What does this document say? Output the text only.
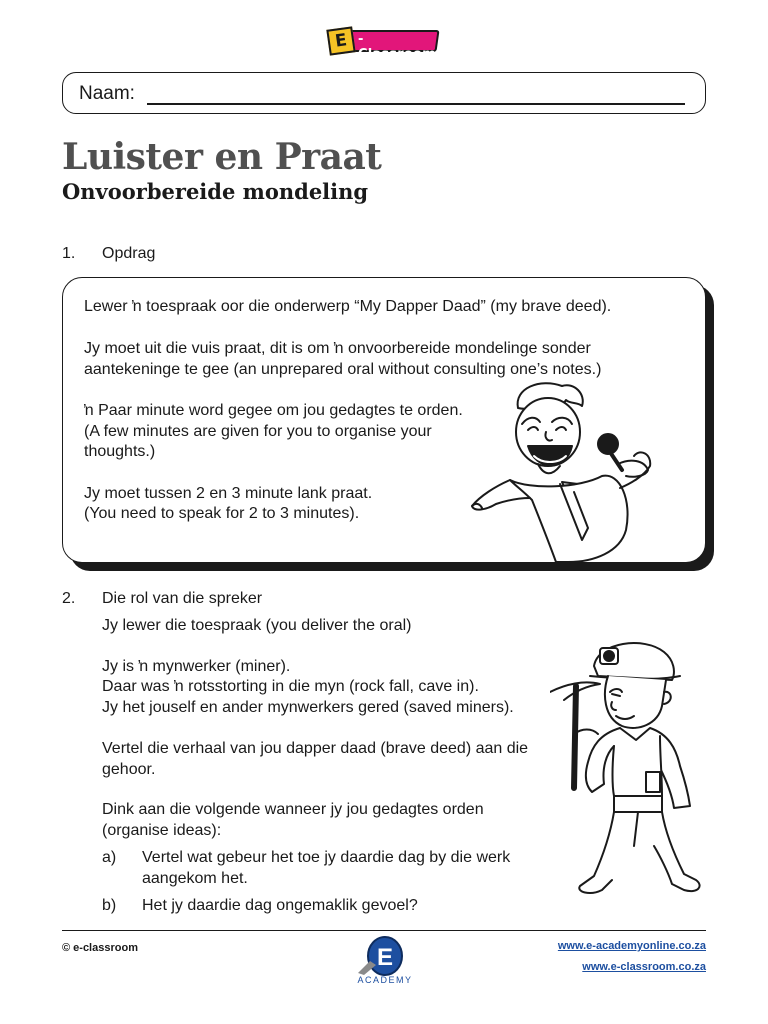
E -Classroom
Naam:
Luister en Praat
Onvoorbereide mondeling
1. Opdrag
Lewer ŉ toespraak oor die onderwerp “My Dapper Daad” (my brave deed).
Jy moet uit die vuis praat, dit is om ŉ onvoorbereide mondelinge sonder
aantekeninge te gee (an unprepared oral without consulting one’s notes.)
ŉ Paar minute word gegee om jou gedagtes te orden.
(A few minutes are given for you to organise your
thoughts.)
Jy moet tussen 2 en 3 minute lank praat.
(You need to speak for 2 to 3 minutes).
2. Die rol van die spreker
Jy lewer die toespraak (you deliver the oral)
Jy is ŉ mynwerker (miner).
Daar was ŉ rotsstorting in die myn (rock fall, cave in).
Jy het jouself en ander mynwerkers gered (saved miners).
Vertel die verhaal van jou dapper daad (brave deed) aan die
gehoor.
Dink aan die volgende wanneer jy jou gedagtes orden
(organise ideas):
a) Vertel wat gebeur het toe jy daardie dag by die werk
aangekom het.
b) Het jy daardie dag ongemaklik gevoel?
© e-classroom	E
ACADEMY
www.e-academyonline.co.za
www.e-classroom.co.za
